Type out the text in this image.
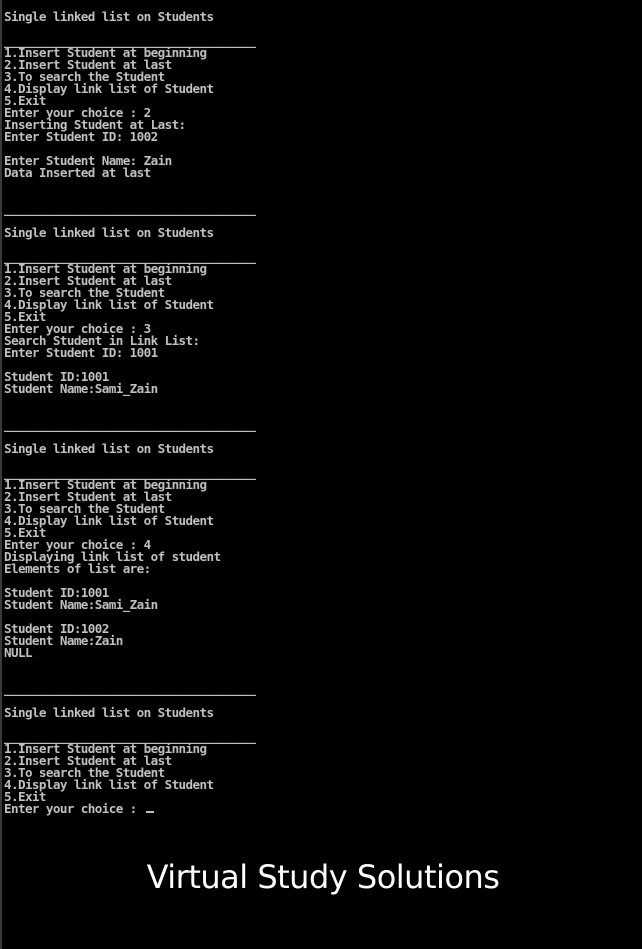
Single linked list on Students
____________________________________
1.Insert Student at beginning
2.Insert Student at last
3.To search the Student
4.Display link list of Student
5.Exit
Enter your choice : 2
Inserting Student at Last:
Enter Student ID: 1002
Enter Student Name: Zain
Data Inserted at last
____________________________________
Single linked list on Students
____________________________________
1.Insert Student at beginning
2.Insert Student at last
3.To search the Student
4.Display link list of Student
5.Exit
Enter your choice : 3
Search Student in Link List:
Enter Student ID: 1001
Student ID:1001
Student Name:Sami_Zain
____________________________________
Single linked list on Students
____________________________________
1.Insert Student at beginning
2.Insert Student at last
3.To search the Student
4.Display link list of Student
5.Exit
Enter your choice : 4
Displaying link list of student
Elements of list are:
Student ID:1001
Student Name:Sami_Zain
Student ID:1002
Student Name:Zain
NULL
____________________________________
Single linked list on Students
____________________________________
1.Insert Student at beginning
2.Insert Student at last
3.To search the Student
4.Display link list of Student
5.Exit
Enter your choice :
Virtual Study Solutions
